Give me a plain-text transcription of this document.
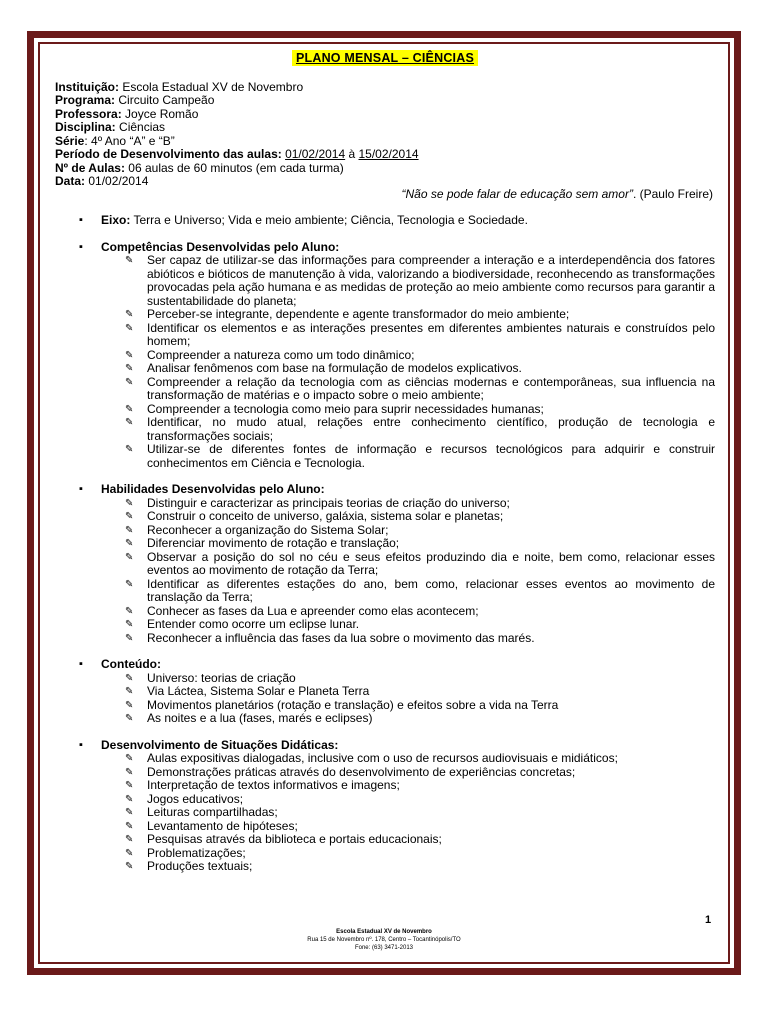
PLANO MENSAL – CIÊNCIAS

Instituição: Escola Estadual XV de Novembro

Programa: Circuito Campeão

Professora: Joyce Romão

Disciplina: Ciências

Série: 4º Ano “A” e “B”

Período de Desenvolvimento das aulas: 01/02/2014 à 15/02/2014

Nº de Aulas: 06 aulas de 60 minutos (em cada turma)

Data: 01/02/2014

“Não se pode falar de educação sem amor”. (Paulo Freire)

▪ Eixo: Terra e Universo; Vida e meio ambiente; Ciência, Tecnologia e Sociedade.
▪ Competências Desenvolvidas pelo Aluno:
✎ Ser capaz de utilizar-se das informações para compreender a interação e a interdependência dos fatores abióticos e bióticos de manutenção à vida, valorizando a biodiversidade, reconhecendo as transformações provocadas pela ação humana e as medidas de proteção ao meio ambiente como recursos para garantir a sustentabilidade do planeta;
✎ Perceber-se integrante, dependente e agente transformador do meio ambiente;
✎ Identificar os elementos e as interações presentes em diferentes ambientes naturais e construídos pelo homem;
✎ Compreender a natureza como um todo dinâmico;
✎ Analisar fenômenos com base na formulação de modelos explicativos.
✎ Compreender a relação da tecnologia com as ciências modernas e contemporâneas, sua influencia na transformação de matérias e o impacto sobre o meio ambiente;
✎ Compreender a tecnologia como meio para suprir necessidades humanas;
✎ Identificar, no mudo atual, relações entre conhecimento científico, produção de tecnologia e transformações sociais;
✎ Utilizar-se de diferentes fontes de informação e recursos tecnológicos para adquirir e construir conhecimentos em Ciência e Tecnologia.
▪ Habilidades Desenvolvidas pelo Aluno:
✎ Distinguir e caracterizar as principais teorias de criação do universo;
✎ Construir o conceito de universo, galáxia, sistema solar e planetas;
✎ Reconhecer a organização do Sistema Solar;
✎ Diferenciar movimento de rotação e translação;
✎ Observar a posição do sol no céu e seus efeitos produzindo dia e noite, bem como, relacionar esses eventos ao movimento de rotação da Terra;
✎ Identificar as diferentes estações do ano, bem como, relacionar esses eventos ao movimento de translação da Terra;
✎ Conhecer as fases da Lua e apreender como elas acontecem;
✎ Entender como ocorre um eclipse lunar.
✎ Reconhecer a influência das fases da lua sobre o movimento das marés.
▪ Conteúdo:
✎ Universo: teorias de criação
✎ Via Láctea, Sistema Solar e Planeta Terra
✎ Movimentos planetários (rotação e translação) e efeitos sobre a vida na Terra
✎ As noites e a lua (fases, marés e eclipses)
▪ Desenvolvimento de Situações Didáticas:
✎ Aulas expositivas dialogadas, inclusive com o uso de recursos audiovisuais e midiáticos;
✎ Demonstrações práticas através do desenvolvimento de experiências concretas;
✎ Interpretação de textos informativos e imagens;
✎ Jogos educativos;
✎ Leituras compartilhadas;
✎ Levantamento de hipóteses;
✎ Pesquisas através da biblioteca e portais educacionais;
✎ Problematizações;
✎ Produções textuais;
1
Escola Estadual XV de Novembro
Rua 15 de Novembro nº. 178, Centro – Tocantinópolis/TO
Fone: (63) 3471-2013
